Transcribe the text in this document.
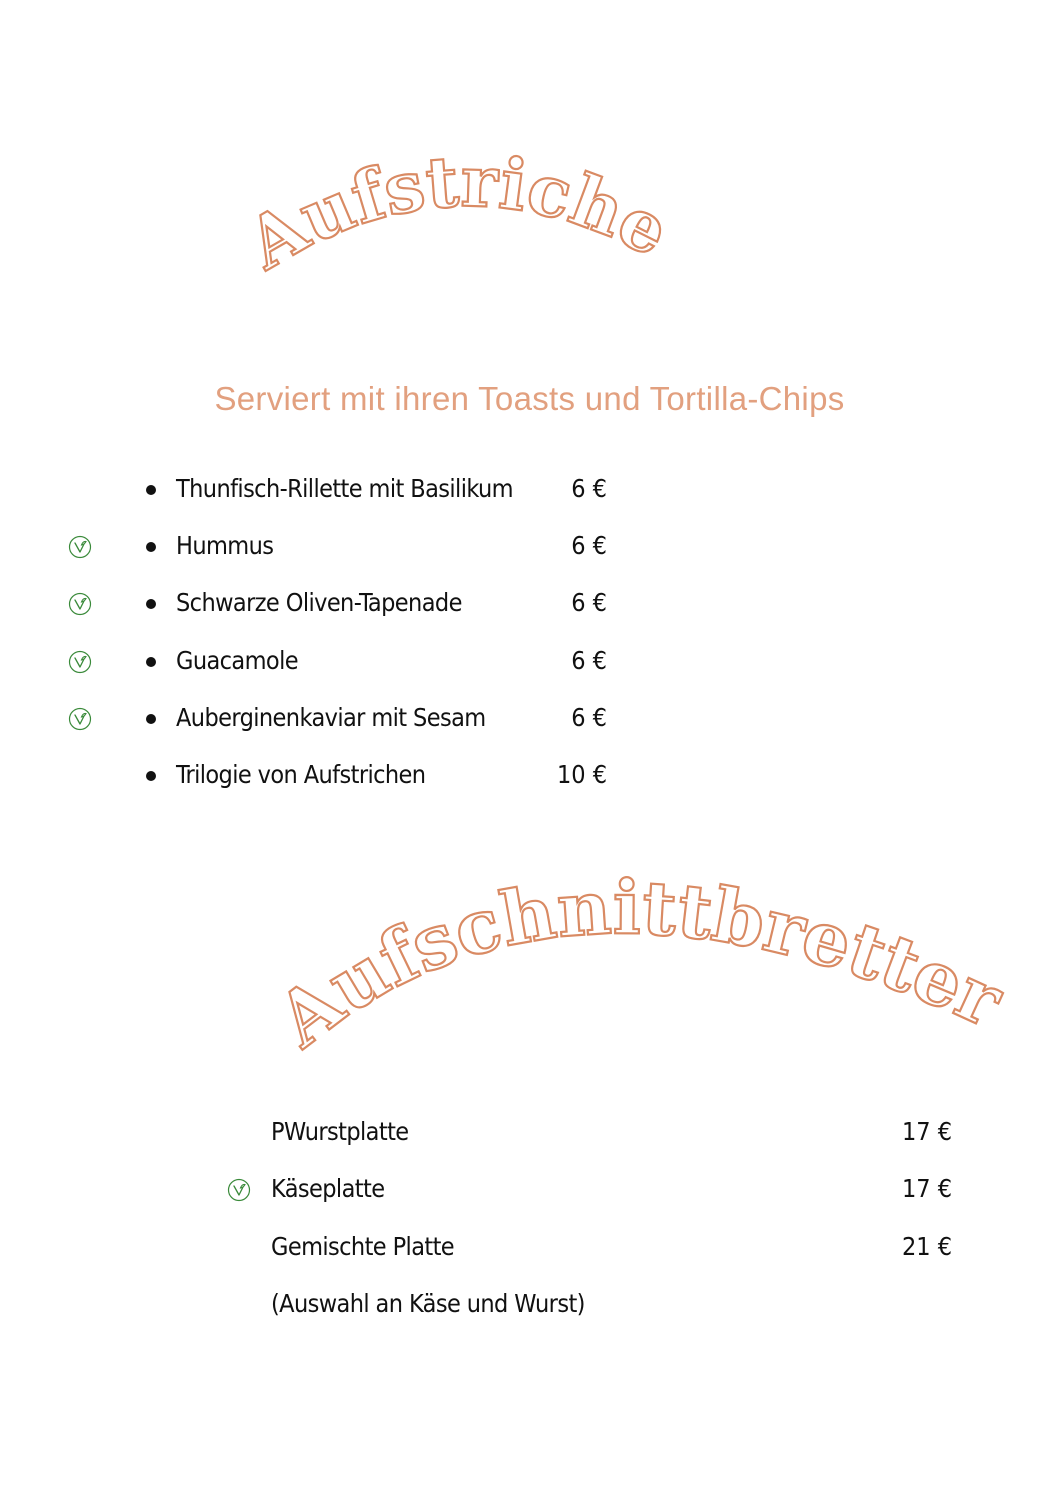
Aufstriche
Aufschnittbretter
Serviert mit ihren Toasts und Tortilla-Chips
Thunfisch-Rillette mit Basilikum 6 €
Hummus	6 €
Schwarze Oliven-Tapenade	6 €
Guacamole	6 €
Auberginenkaviar mit Sesam	6 €
Trilogie von Aufstrichen	10 €
PWurstplatte	17 €
Käseplatte	17 €
Gemischte Platte	21 €
(Auswahl an Käse und Wurst)
